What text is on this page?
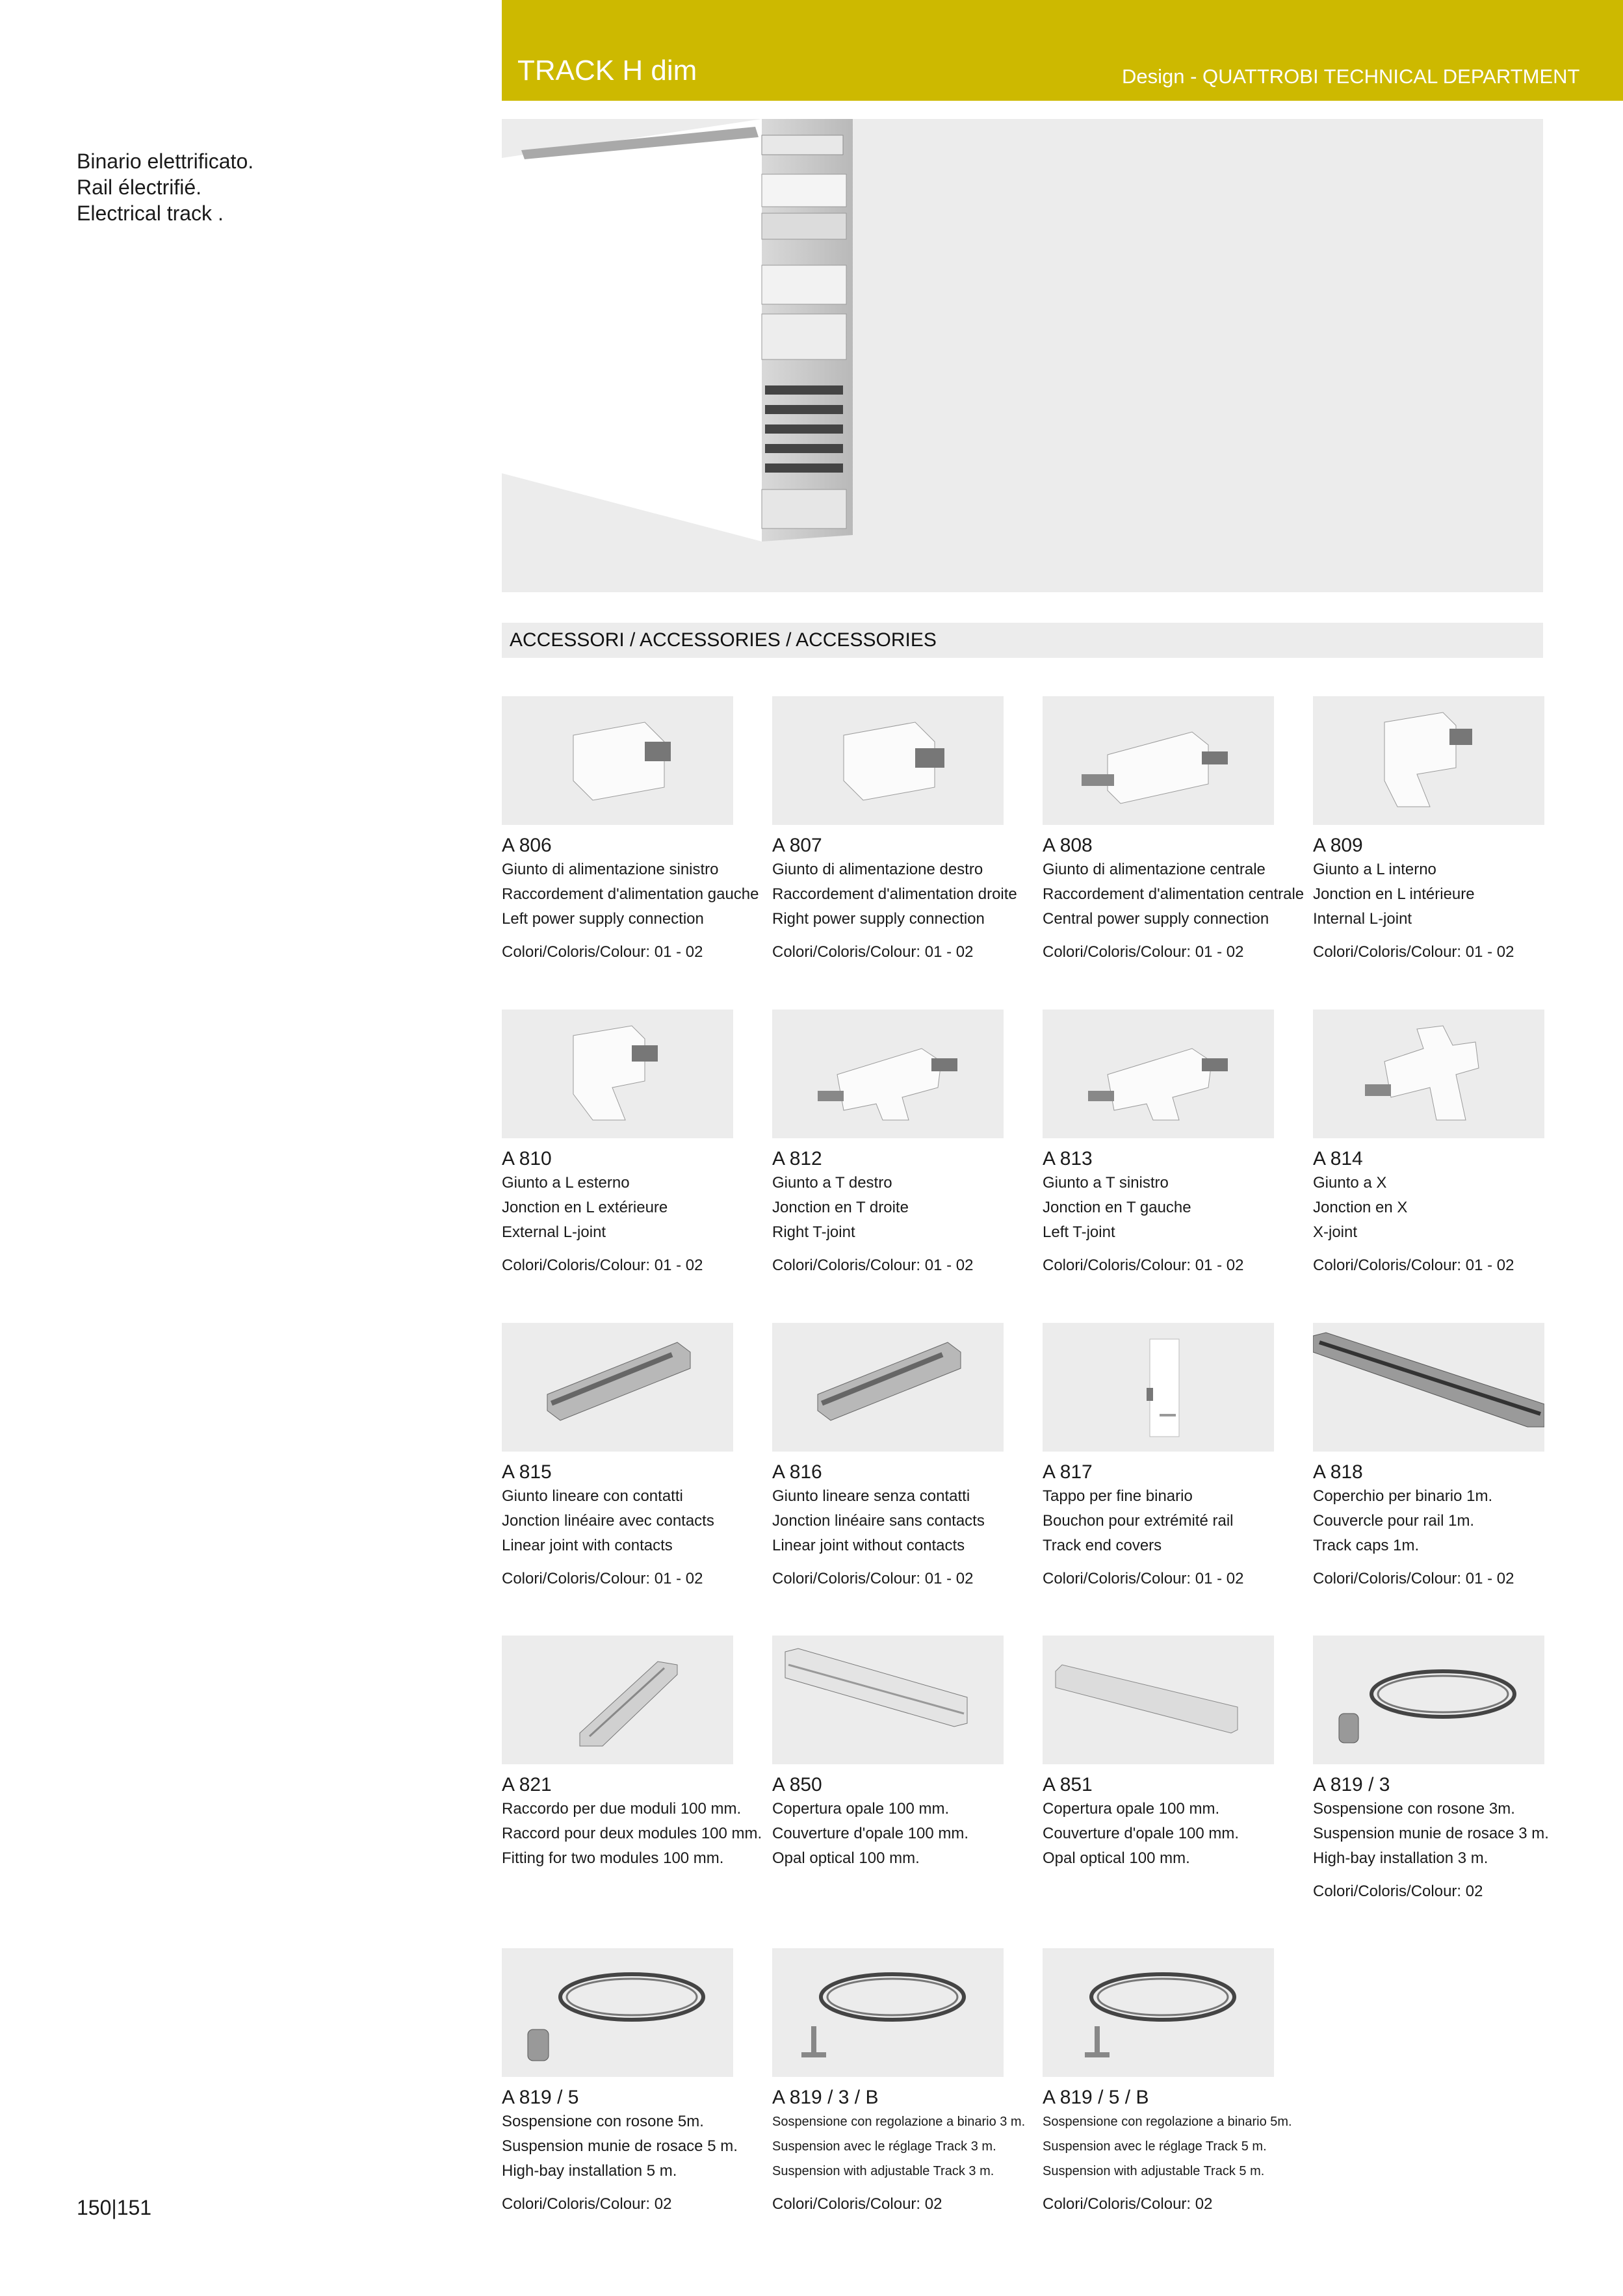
TRACK H dim	Design - QUATTROBI TECHNICAL DEPARTMENT
Binario elettrificato.
Rail électrifié.
Electrical track .
ACCESSORI / ACCESSORIES / ACCESSORIES
A 806
Giunto di alimentazione sinistro
Raccordement d'alimentation gauche
Left power supply connection
Colori/Coloris/Colour: 01 - 02
A 807
Giunto di alimentazione destro
Raccordement d'alimentation droite
Right power supply connection
Colori/Coloris/Colour: 01 - 02
A 808
Giunto di alimentazione centrale
Raccordement d'alimentation centrale
Central power supply connection
Colori/Coloris/Colour: 01 - 02
A 809
Giunto a L interno
Jonction en L intérieure
Internal L-joint
Colori/Coloris/Colour: 01 - 02
A 810
Giunto a L esterno
Jonction en L extérieure
External L-joint
Colori/Coloris/Colour: 01 - 02
A 812
Giunto a T destro
Jonction en T droite
Right T-joint
Colori/Coloris/Colour: 01 - 02
A 813
Giunto a T sinistro
Jonction en T gauche
Left T-joint
Colori/Coloris/Colour: 01 - 02
A 814
Giunto a X
Jonction en X
X-joint
Colori/Coloris/Colour: 01 - 02
A 815
Giunto lineare con contatti
Jonction linéaire avec contacts
Linear joint with contacts
Colori/Coloris/Colour: 01 - 02
A 816
Giunto lineare senza contatti
Jonction linéaire sans contacts
Linear joint without contacts
Colori/Coloris/Colour: 01 - 02
A 817
Tappo per fine binario
Bouchon pour extrémité rail
Track end covers
Colori/Coloris/Colour: 01 - 02
A 818
Coperchio per binario 1m.
Couvercle pour rail 1m.
Track caps 1m.
Colori/Coloris/Colour: 01 - 02
A 821
Raccordo per due moduli 100 mm.
Raccord pour deux modules 100 mm.
Fitting for two modules 100 mm.
A 850
Copertura opale 100 mm.
Couverture d'opale 100 mm.
Opal optical 100 mm.
A 851
Copertura opale 100 mm.
Couverture d'opale 100 mm.
Opal optical 100 mm.
A 819 / 3
Sospensione con rosone 3m.
Suspension munie de rosace 3 m.
High-bay installation 3 m.
Colori/Coloris/Colour: 02
A 819 / 5
Sospensione con rosone 5m.
Suspension munie de rosace 5 m.
High-bay installation 5 m.
Colori/Coloris/Colour: 02
A 819 / 3 / B
Sospensione con regolazione a binario 3 m.
Suspension avec le réglage Track 3 m.
Suspension with adjustable Track 3 m.
Colori/Coloris/Colour: 02
A 819 / 5 / B
Sospensione con regolazione a binario 5m.
Suspension avec le réglage Track 5 m.
Suspension with adjustable Track 5 m.
Colori/Coloris/Colour: 02
150|151
